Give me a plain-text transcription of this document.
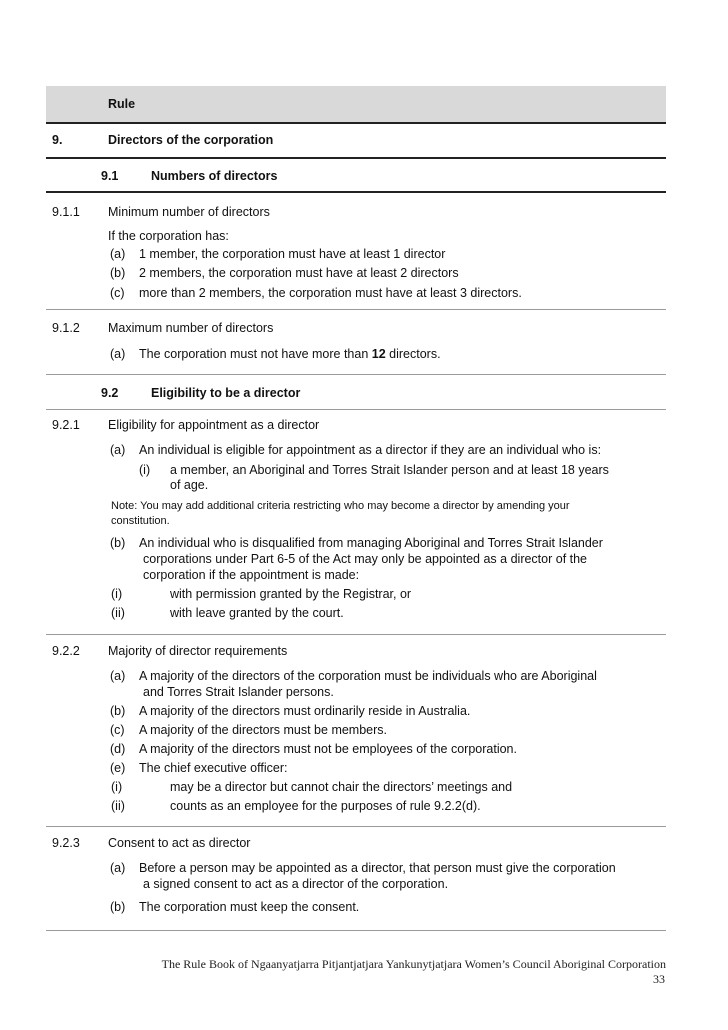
Rule
9.	Directors of the corporation
9.1	Numbers of directors
9.1.1 Minimum number of directors
If the corporation has:
(a) 1 member, the corporation must have at least 1 director
(b) 2 members, the corporation must have at least 2 directors
(c) more than 2 members, the corporation must have at least 3 directors.
9.1.2 Maximum number of directors
(a) The corporation must not have more than 12 directors.
9.2	Eligibility to be a director
9.2.1 Eligibility for appointment as a director
(a) An individual is eligible for appointment as a director if they are an individual who is:
(i) a member, an Aboriginal and Torres Strait Islander person and at least 18 years
of age.
Note: You may add additional criteria restricting who may become a director by amending your
constitution.
(b) An individual who is disqualified from managing Aboriginal and Torres Strait Islander
corporations under Part 6-5 of the Act may only be appointed as a director of the
corporation if the appointment is made:
(i)	with permission granted by the Registrar, or
(ii)	with leave granted by the court.
9.2.2 Majority of director requirements
(a) A majority of the directors of the corporation must be individuals who are Aboriginal
and Torres Strait Islander persons.
(b) A majority of the directors must ordinarily reside in Australia.
(c) A majority of the directors must be members.
(d) A majority of the directors must not be employees of the corporation.
(e) The chief executive officer:
(i)	may be a director but cannot chair the directors’ meetings and
(ii)	counts as an employee for the purposes of rule 9.2.2(d).
9.2.3 Consent to act as director
(a) Before a person may be appointed as a director, that person must give the corporation
a signed consent to act as a director of the corporation.
(b) The corporation must keep the consent.
The Rule Book of Ngaanyatjarra Pitjantjatjara Yankunytjatjara Women’s Council Aboriginal Corporation
33
